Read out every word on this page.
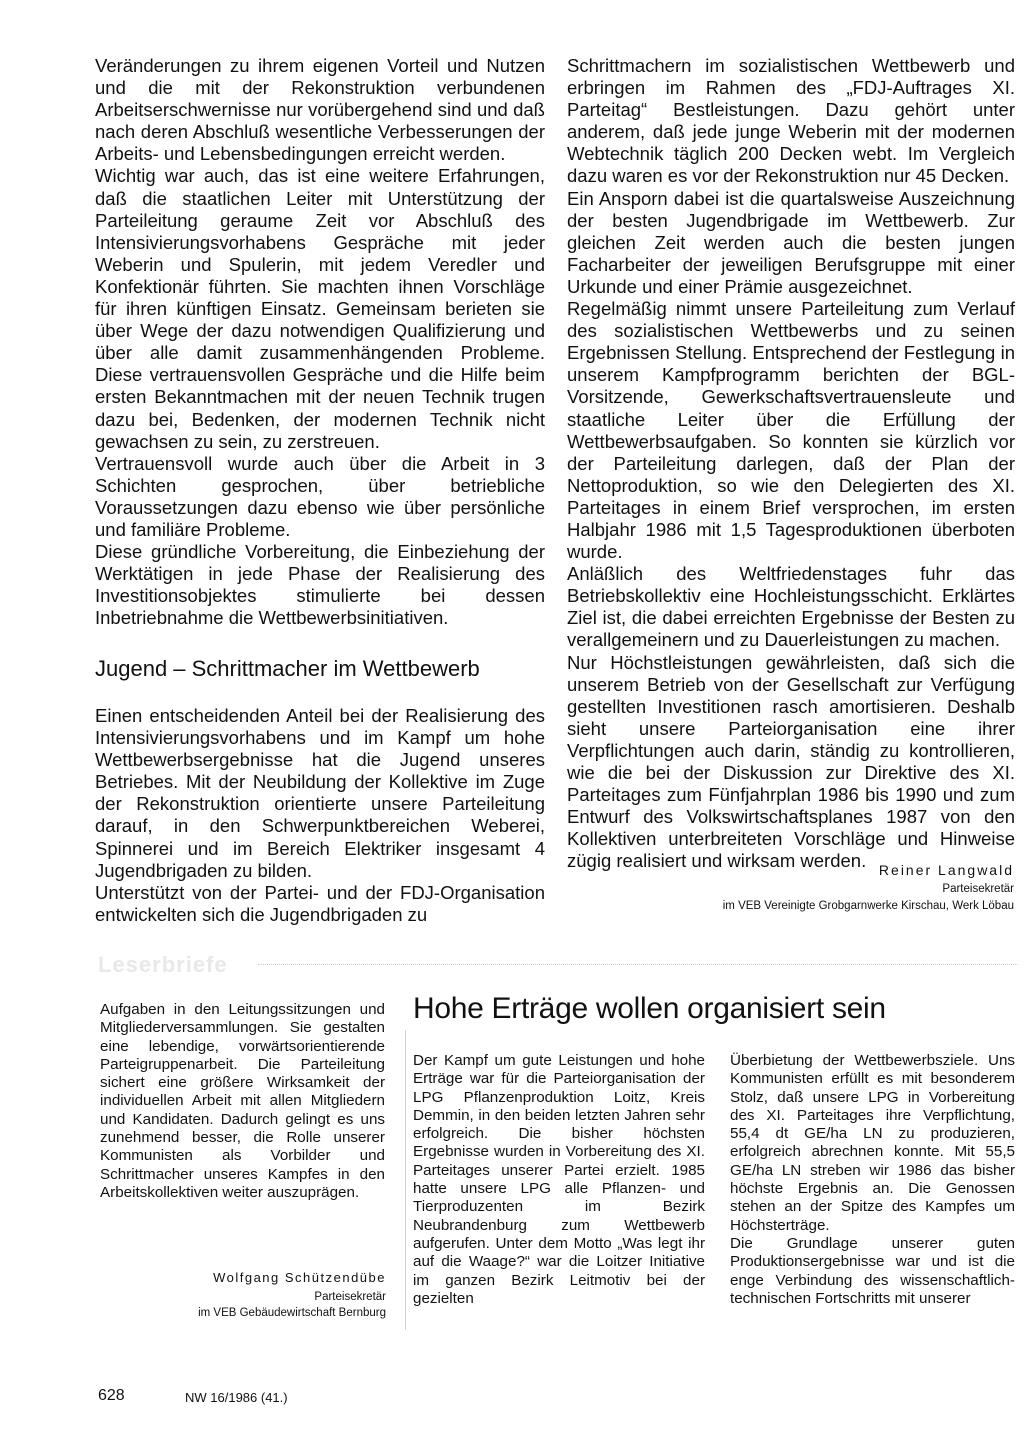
Veränderungen zu ihrem eigenen Vorteil und Nutzen und die mit der Rekonstruktion verbundenen Arbeitserschwernisse nur vorübergehend sind und daß nach deren Abschluß wesentliche Verbesserungen der Arbeits- und Lebensbedingungen erreicht werden.

Wichtig war auch, das ist eine weitere Erfahrungen, daß die staatlichen Leiter mit Unterstützung der Parteileitung geraume Zeit vor Abschluß des Intensivierungsvorhabens Gespräche mit jeder Weberin und Spulerin, mit jedem Veredler und Konfektionär führten. Sie machten ihnen Vorschläge für ihren künftigen Einsatz. Gemeinsam berieten sie über Wege der dazu notwendigen Qualifizierung und über alle damit zusammenhängenden Probleme. Diese vertrauensvollen Gespräche und die Hilfe beim ersten Bekanntmachen mit der neuen Technik trugen dazu bei, Bedenken, der modernen Technik nicht gewachsen zu sein, zu zerstreuen.

Vertrauensvoll wurde auch über die Arbeit in 3 Schichten gesprochen, über betriebliche Voraussetzungen dazu ebenso wie über persönliche und familiäre Probleme.

Diese gründliche Vorbereitung, die Einbeziehung der Werktätigen in jede Phase der Realisierung des Investitionsobjektes stimulierte bei dessen Inbetriebnahme die Wettbewerbsinitiativen.

Jugend – Schrittmacher im Wettbewerb

Einen entscheidenden Anteil bei der Realisierung des Intensivierungsvorhabens und im Kampf um hohe Wettbewerbsergebnisse hat die Jugend unseres Betriebes. Mit der Neubildung der Kollektive im Zuge der Rekonstruktion orientierte unsere Parteileitung darauf, in den Schwerpunktbereichen Weberei, Spinnerei und im Bereich Elektriker insgesamt 4 Jugendbrigaden zu bilden.

Unterstützt von der Partei- und der FDJ-Organisation entwickelten sich die Jugendbrigaden zu

Schrittmachern im sozialistischen Wettbewerb und erbringen im Rahmen des „FDJ-Auftrages XI. Parteitag“ Bestleistungen. Dazu gehört unter anderem, daß jede junge Weberin mit der modernen Webtechnik täglich 200 Decken webt. Im Vergleich dazu waren es vor der Rekonstruktion nur 45 Decken.

Ein Ansporn dabei ist die quartalsweise Auszeichnung der besten Jugendbrigade im Wettbewerb. Zur gleichen Zeit werden auch die besten jungen Facharbeiter der jeweiligen Berufsgruppe mit einer Urkunde und einer Prämie ausgezeichnet.

Regelmäßig nimmt unsere Parteileitung zum Verlauf des sozialistischen Wettbewerbs und zu seinen Ergebnissen Stellung. Entsprechend der Festlegung in unserem Kampfprogramm berichten der BGL-Vorsitzende, Gewerkschaftsvertrauensleute und staatliche Leiter über die Erfüllung der Wettbewerbsaufgaben. So konnten sie kürzlich vor der Parteileitung darlegen, daß der Plan der Nettoproduktion, so wie den Delegierten des XI. Parteitages in einem Brief versprochen, im ersten Halbjahr 1986 mit 1,5 Tagesproduktionen überboten wurde.

Anläßlich des Weltfriedenstages fuhr das Betriebskollektiv eine Hochleistungsschicht. Erklärtes Ziel ist, die dabei erreichten Ergebnisse der Besten zu verallgemeinern und zu Dauerleistungen zu machen.

Nur Höchstleistungen gewährleisten, daß sich die unserem Betrieb von der Gesellschaft zur Verfügung gestellten Investitionen rasch amortisieren. Deshalb sieht unsere Parteiorganisation eine ihrer Verpflichtungen auch darin, ständig zu kontrollieren, wie die bei der Diskussion zur Direktive des XI. Parteitages zum Fünfjahrplan 1986 bis 1990 und zum Entwurf des Volkswirtschaftsplanes 1987 von den Kollektiven unterbreiteten Vorschläge und Hinweise zügig realisiert und wirksam werden. Reiner Langwald
Parteisekretär
im VEB Vereinigte Grobgarnwerke Kirschau, Werk Löbau
Leserbriefe

Aufgaben in den Leitungssitzungen und Mitgliederversammlungen. Sie gestalten eine lebendige, vorwärtsorientierende Parteigruppenarbeit. Die Parteileitung sichert eine größere Wirksamkeit der individuellen Arbeit mit allen Mitgliedern und Kandidaten. Dadurch gelingt es uns zunehmend besser, die Rolle unserer Kommunisten als Vorbilder und Schrittmacher unseres Kampfes in den Arbeitskollektiven weiter auszuprägen.

Wolfgang Schützendübe
Parteisekretär
im VEB Gebäudewirtschaft Bernburg
Hohe Erträge wollen organisiert sein

Der Kampf um gute Leistungen und hohe Erträge war für die Parteiorganisation der LPG Pflanzenproduktion Loitz, Kreis Demmin, in den beiden letzten Jahren sehr erfolgreich. Die bisher höchsten Ergebnisse wurden in Vorbereitung des XI. Parteitages unserer Partei erzielt. 1985 hatte unsere LPG alle Pflanzen- und Tierproduzenten im Bezirk Neubrandenburg zum Wettbewerb aufgerufen. Unter dem Motto „Was legt ihr auf die Waage?“ war die Loitzer Initiative im ganzen Bezirk Leitmotiv bei der gezielten

Überbietung der Wettbewerbsziele. Uns Kommunisten erfüllt es mit besonderem Stolz, daß unsere LPG in Vorbereitung des XI. Parteitages ihre Verpflichtung, 55,4 dt GE/ha LN zu produzieren, erfolgreich abrechnen konnte. Mit 55,5 GE/ha LN streben wir 1986 das bisher höchste Ergebnis an. Die Genossen stehen an der Spitze des Kampfes um Höchsterträge.

Die Grundlage unserer guten Produktionsergebnisse war und ist die enge Verbindung des wissenschaftlich-technischen Fortschritts mit unserer

628	NW 16/1986 (41.)
